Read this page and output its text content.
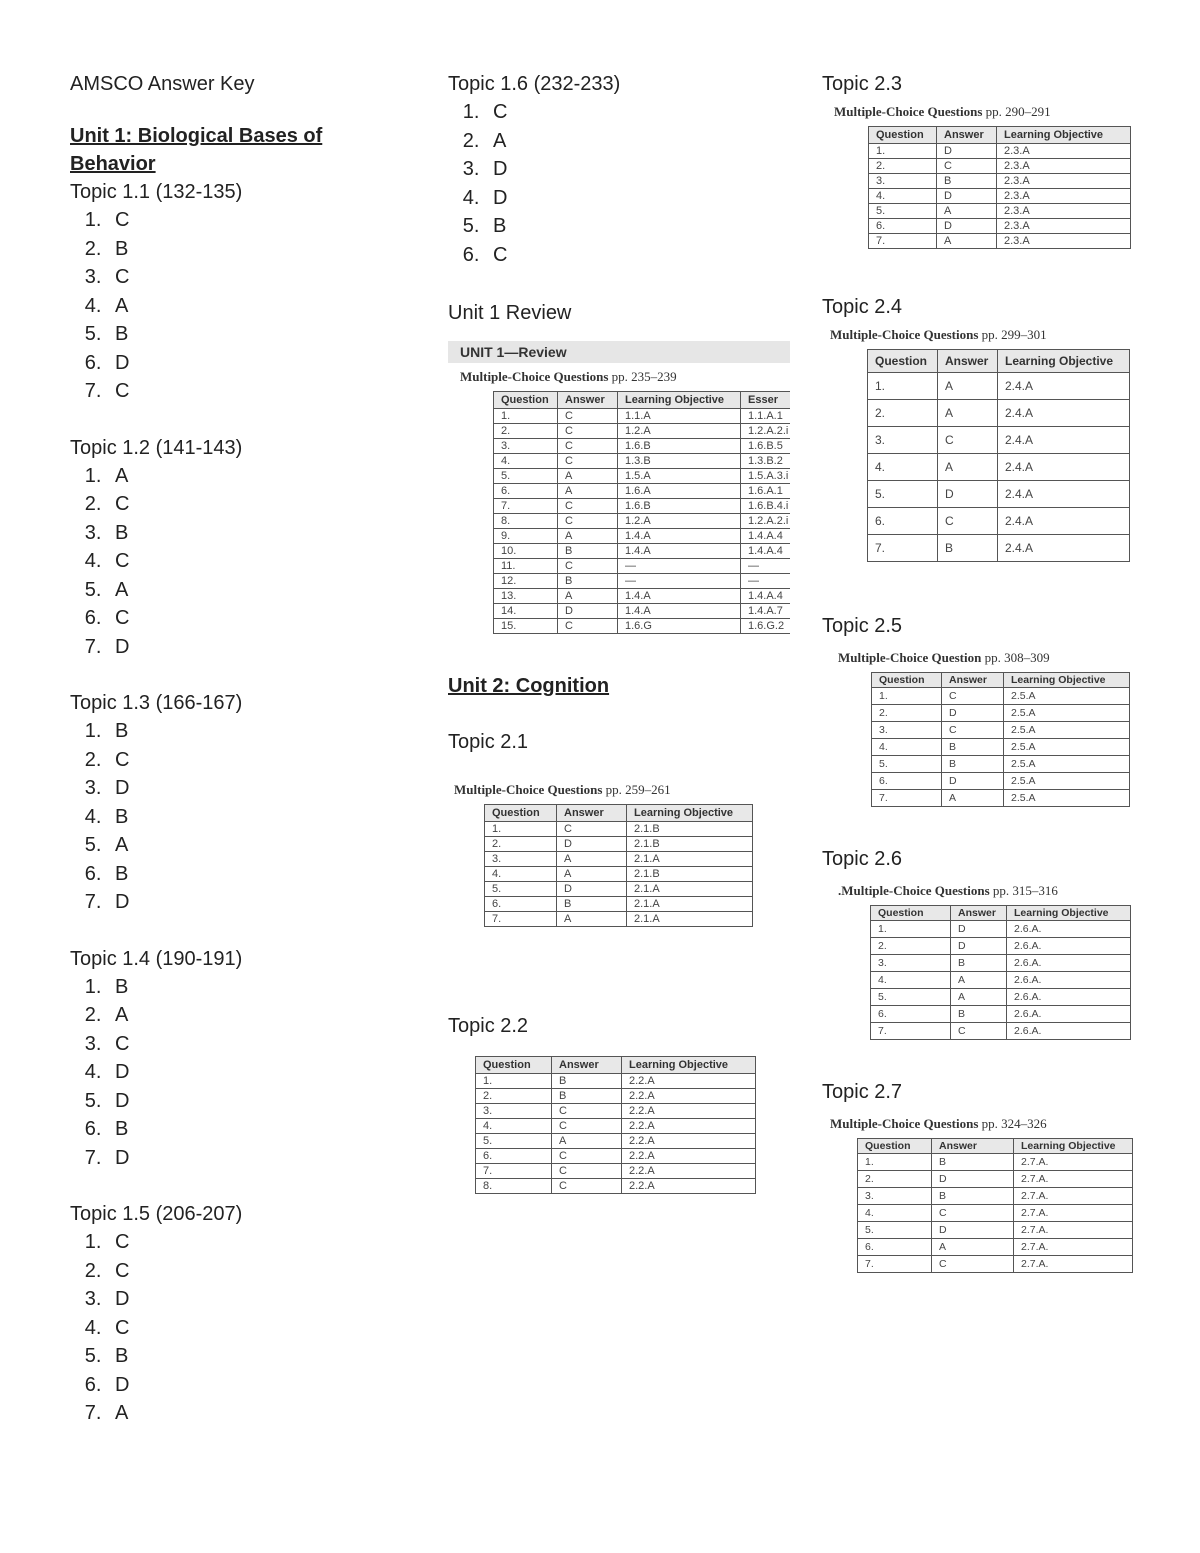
AMSCO Answer Key

Unit 1: Biological Bases of Behavior

Topic 1.1 (132-135)

1. C
2. B
3. C
4. A
5. B
6. D
7. C

Topic 1.2 (141-143)

1. A
2. C
3. B
4. C
5. A
6. C
7. D

Topic 1.3 (166-167)

1. B
2. C
3. D
4. B
5. A
6. B
7. D

Topic 1.4 (190-191)

1. B
2. A
3. C
4. D
5. D
6. B
7. D

Topic 1.5 (206-207)

1. C
2. C
3. D
4. C
5. B
6. D
7. A

Topic 1.6 (232-233)

1. C
2. A
3. D
4. D
5. B
6. C

Unit 1 Review

UNIT 1—Review
Multiple-Choice Questions pp. 235–239
Question	Answer	Learning Objective	Esser
1.	C	1.1.A	1.1.A.1
2.	C	1.2.A	1.2.A.2.i
3.	C	1.6.B	1.6.B.5
4.	C	1.3.B	1.3.B.2
5.	A	1.5.A	1.5.A.3.i
6.	A	1.6.A	1.6.A.1
7.	C	1.6.B	1.6.B.4.i
8.	C	1.2.A	1.2.A.2.i
9.	A	1.4.A	1.4.A.4
10.	B	1.4.A	1.4.A.4
11.	C	—	—
12.	B	—	—
13.	A	1.4.A	1.4.A.4
14.	D	1.4.A	1.4.A.7
15.	C	1.6.G	1.6.G.2

Unit 2: Cognition

Topic 2.1

Multiple-Choice Questions pp. 259–261
Question	Answer	Learning Objective
1.	C	2.1.B
2.	D	2.1.B
3.	A	2.1.A
4.	A	2.1.B
5.	D	2.1.A
6.	B	2.1.A
7.	A	2.1.A

Topic 2.2

Question	Answer	Learning Objective
1.	B	2.2.A
2.	B	2.2.A
3.	C	2.2.A
4.	C	2.2.A
5.	A	2.2.A
6.	C	2.2.A
7.	C	2.2.A
8.	C	2.2.A

Topic 2.3

Multiple-Choice Questions pp. 290–291
Question	Answer	Learning Objective
1.	D	2.3.A
2.	C	2.3.A
3.	B	2.3.A
4.	D	2.3.A
5.	A	2.3.A
6.	D	2.3.A
7.	A	2.3.A

Topic 2.4

Multiple-Choice Questions pp. 299–301
Question	Answer	Learning Objective
1.	A	2.4.A
2.	A	2.4.A
3.	C	2.4.A
4.	A	2.4.A
5.	D	2.4.A
6.	C	2.4.A
7.	B	2.4.A

Topic 2.5

Multiple-Choice Question pp. 308–309
Question	Answer	Learning Objective
1.	C	2.5.A
2.	D	2.5.A
3.	C	2.5.A
4.	B	2.5.A
5.	B	2.5.A
6.	D	2.5.A
7.	A	2.5.A

Topic 2.6

.Multiple-Choice Questions pp. 315–316
Question	Answer	Learning Objective
1.	D	2.6.A.
2.	D	2.6.A.
3.	B	2.6.A.
4.	A	2.6.A.
5.	A	2.6.A.
6.	B	2.6.A.
7.	C	2.6.A.

Topic 2.7

Multiple-Choice Questions pp. 324–326
Question	Answer	Learning Objective
1.	B	2.7.A.
2.	D	2.7.A.
3.	B	2.7.A.
4.	C	2.7.A.
5.	D	2.7.A.
6.	A	2.7.A.
7.	C	2.7.A.
